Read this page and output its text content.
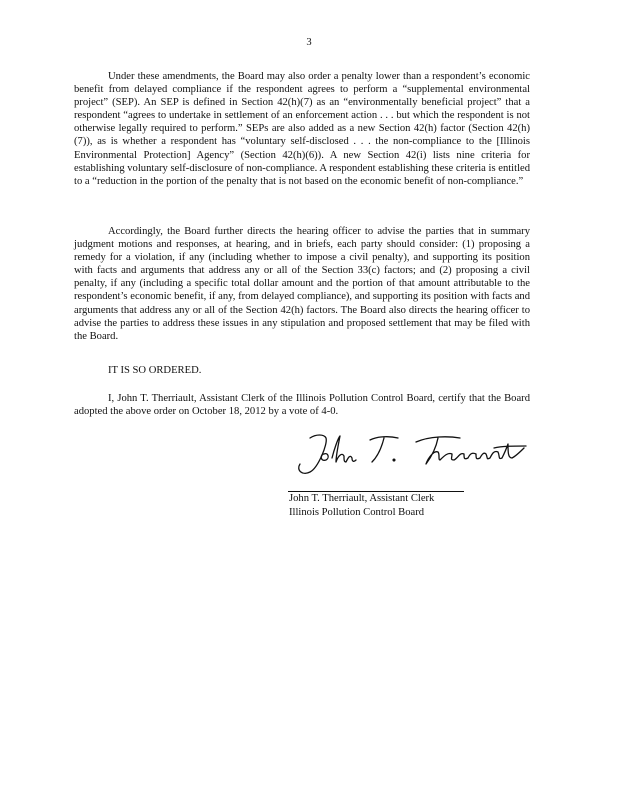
3

Under these amendments, the Board may also order a penalty lower than a respondent’s economic benefit from delayed compliance if the respondent agrees to perform a “supplemental environmental project” (SEP). An SEP is defined in Section 42(h)(7) as an “environmentally beneficial project” that a respondent “agrees to undertake in settlement of an enforcement action . . . but which the respondent is not otherwise legally required to perform.” SEPs are also added as a new Section 42(h) factor (Section 42(h)(7)), as is whether a respondent has “voluntary self-disclosed . . . the non-compliance to the [Illinois Environmental Protection] Agency” (Section 42(h)(6)). A new Section 42(i) lists nine criteria for establishing voluntary self-disclosure of non-compliance. A respondent establishing these criteria is entitled to a “reduction in the portion of the penalty that is not based on the economic benefit of non-compliance.”

Accordingly, the Board further directs the hearing officer to advise the parties that in summary judgment motions and responses, at hearing, and in briefs, each party should consider: (1) proposing a remedy for a violation, if any (including whether to impose a civil penalty), and supporting its position with facts and arguments that address any or all of the Section 33(c) factors; and (2) proposing a civil penalty, if any (including a specific total dollar amount and the portion of that amount attributable to the respondent’s economic benefit, if any, from delayed compliance), and supporting its position with facts and arguments that address any or all of the Section 42(h) factors. The Board also directs the hearing officer to advise the parties to address these issues in any stipulation and proposed settlement that may be filed with the Board.

IT IS SO ORDERED.

I, John T. Therriault, Assistant Clerk of the Illinois Pollution Control Board, certify that the Board adopted the above order on October 18, 2012 by a vote of 4-0.

John T. Therriault, Assistant Clerk
Illinois Pollution Control Board
